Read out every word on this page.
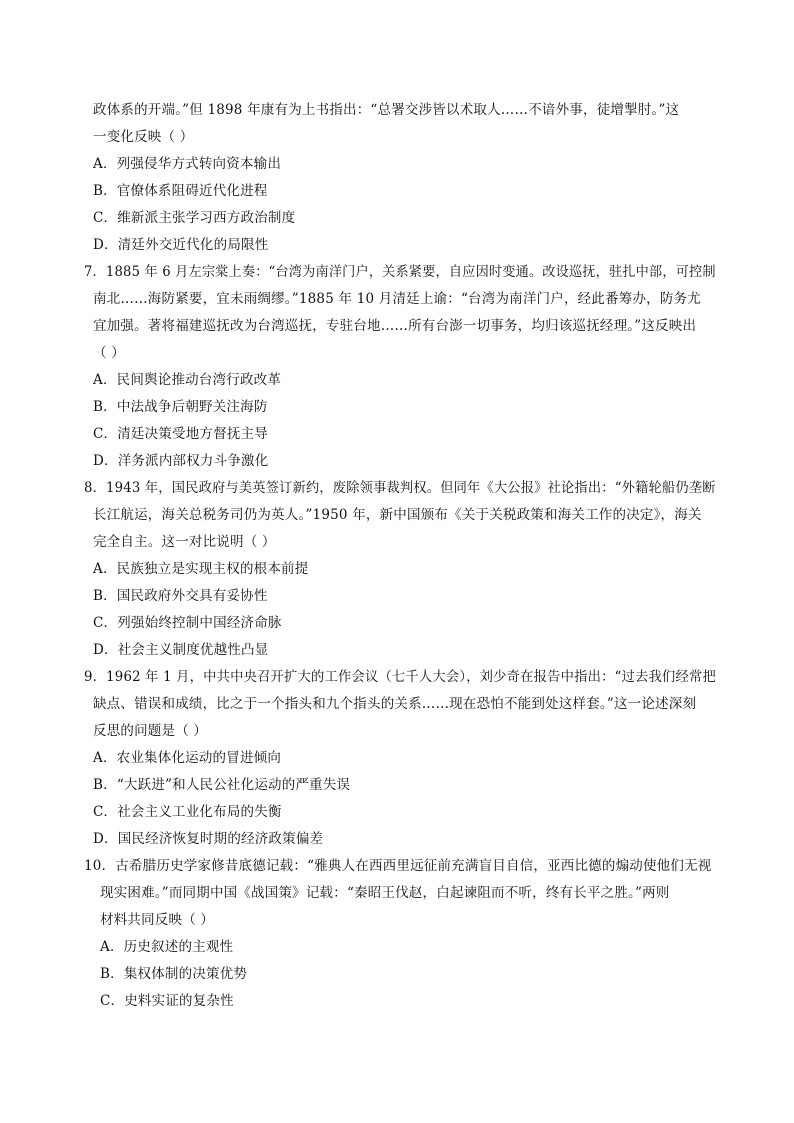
政体系的开端。”但 1898 年康有为上书指出：“总署交涉皆以术取人……不谙外事，徒增掣肘。”这
一变化反映（ ）
A．列强侵华方式转向资本输出
B．官僚体系阻碍近代化进程
C．维新派主张学习西方政治制度
D．清廷外交近代化的局限性
7．1885 年 6 月左宗棠上奏：“台湾为南洋门户，关系紧要，自应因时变通。改设巡抚，驻扎中部，可控制
南北……海防紧要，宜未雨绸缪。”1885 年 10 月清廷上谕：“台湾为南洋门户，经此番筹办，防务尤
宜加强。著将福建巡抚改为台湾巡抚，专驻台地……所有台澎一切事务，均归该巡抚经理。”这反映出
（ ）
A．民间舆论推动台湾行政改革
B．中法战争后朝野关注海防
C．清廷决策受地方督抚主导
D．洋务派内部权力斗争激化
8．1943 年，国民政府与美英签订新约，废除领事裁判权。但同年《大公报》社论指出：“外籍轮船仍垄断
长江航运，海关总税务司仍为英人。”1950 年，新中国颁布《关于关税政策和海关工作的决定》，海关
完全自主。这一对比说明（ ）
A．民族独立是实现主权的根本前提
B．国民政府外交具有妥协性
C．列强始终控制中国经济命脉
D．社会主义制度优越性凸显
9．1962 年 1 月，中共中央召开扩大的工作会议（七千人大会），刘少奇在报告中指出：“过去我们经常把
缺点、错误和成绩，比之于一个指头和九个指头的关系……现在恐怕不能到处这样套。”这一论述深刻
反思的问题是（ ）
A．农业集体化运动的冒进倾向
B．“大跃进”和人民公社化运动的严重失误
C．社会主义工业化布局的失衡
D．国民经济恢复时期的经济政策偏差
10．古希腊历史学家修昔底德记载：“雅典人在西西里远征前充满盲目自信，亚西比德的煽动使他们无视
现实困难。”而同期中国《战国策》记载：“秦昭王伐赵，白起谏阻而不听，终有长平之胜。”两则
材料共同反映（ ）
A．历史叙述的主观性
B．集权体制的决策优势
C．史料实证的复杂性
